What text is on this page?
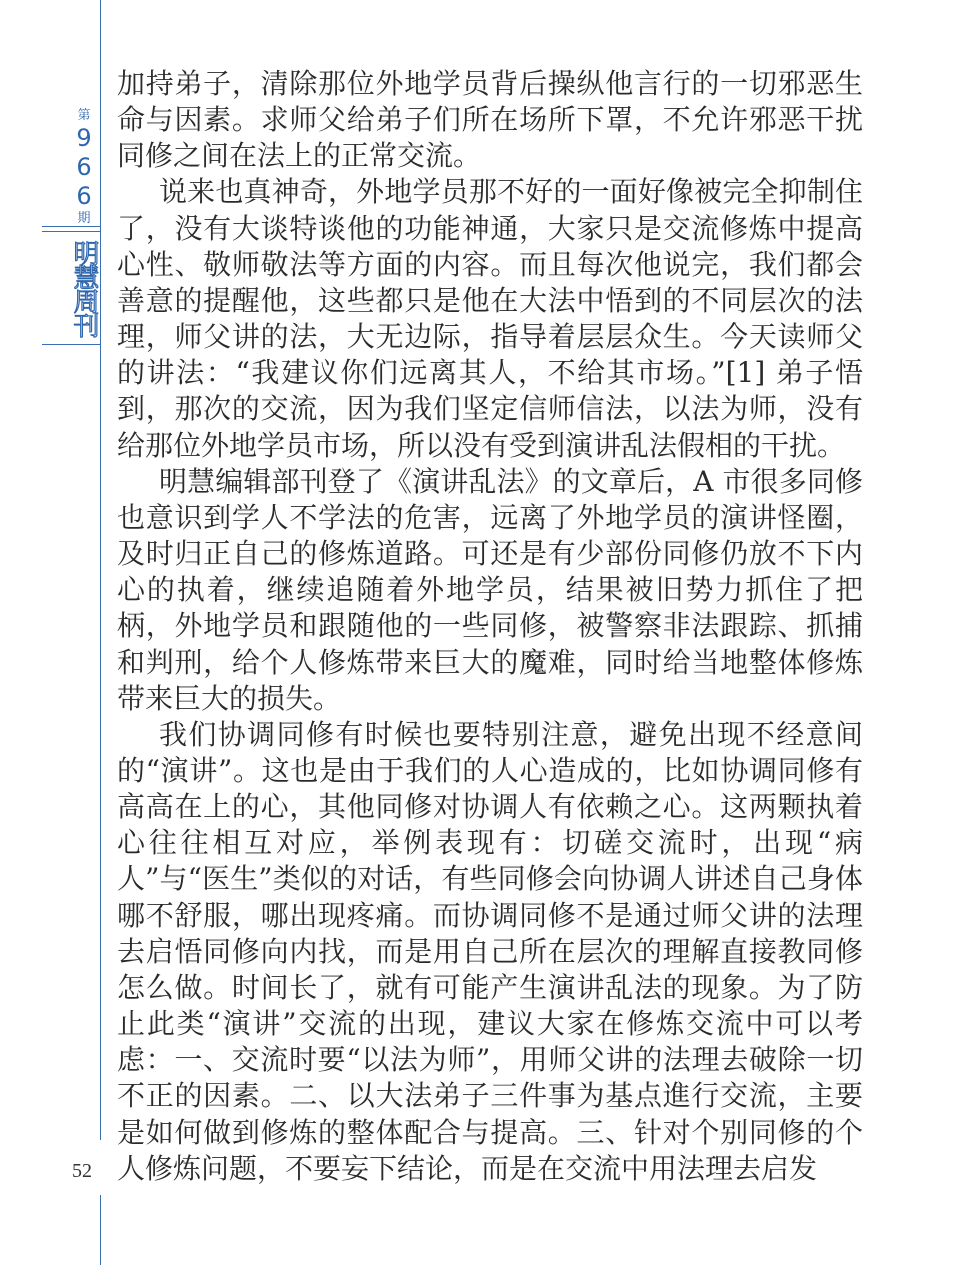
第
9
6
6
期
明慧周刊
52

加持弟子，清除那位外地学员背后操纵他言行的一切邪恶生命与因素。求师父给弟子们所在场所下罩，不允许邪恶干扰同修之间在法上的正常交流。

说来也真神奇，外地学员那不好的一面好像被完全抑制住了，没有大谈特谈他的功能神通，大家只是交流修炼中提高心性、敬师敬法等方面的内容。而且每次他说完，我们都会善意的提醒他，这些都只是他在大法中悟到的不同层次的法理，师父讲的法，大无边际，指导着层层众生。今天读师父的讲法：“我建议你们远离其人，不给其市场。”[1] 弟子悟到，那次的交流，因为我们坚定信师信法，以法为师，没有给那位外地学员市场，所以没有受到演讲乱法假相的干扰。

明慧编辑部刊登了《演讲乱法》的文章后，A 市很多同修也意识到学人不学法的危害，远离了外地学员的演讲怪圈，及时归正自己的修炼道路。可还是有少部份同修仍放不下内心的执着，继续追随着外地学员，结果被旧势力抓住了把柄，外地学员和跟随他的一些同修，被警察非法跟踪、抓捕和判刑，给个人修炼带来巨大的魔难，同时给当地整体修炼带来巨大的损失。

我们协调同修有时候也要特别注意，避免出现不经意间的“演讲”。这也是由于我们的人心造成的，比如协调同修有高高在上的心，其他同修对协调人有依赖之心。这两颗执着心往往相互对应，举例表现有：切磋交流时，出现“病人”与“医生”类似的对话，有些同修会向协调人讲述自己身体哪不舒服，哪出现疼痛。而协调同修不是通过师父讲的法理去启悟同修向内找，而是用自己所在层次的理解直接教同修怎么做。时间长了，就有可能产生演讲乱法的现象。为了防止此类“演讲”交流的出现，建议大家在修炼交流中可以考虑：一、交流时要“以法为师”，用师父讲的法理去破除一切不正的因素。二、以大法弟子三件事为基点進行交流，主要是如何做到修炼的整体配合与提高。三、针对个别同修的个人修炼问题，不要妄下结论，而是在交流中用法理去启发
